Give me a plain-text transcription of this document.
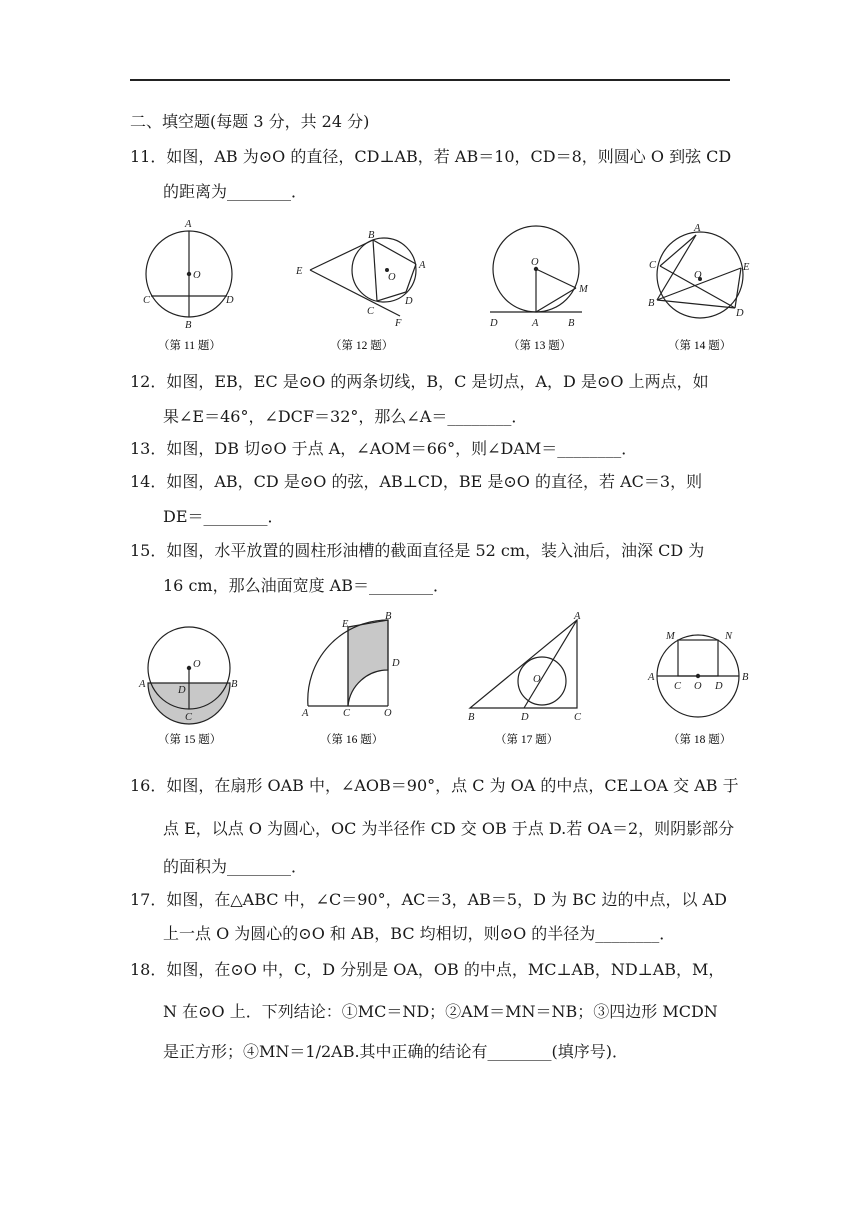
二、填空题(每题 3 分，共 24 分)
11．如图，AB 为⊙O 的直径，CD⊥AB，若 AB＝10，CD＝8，则圆心 O 到弦 CD
的距离为________．
A
O
C	D
B
（第 11 题）
B
E
O
A
C
D
F
（第 12 题）
O
M
D	A	B
（第 13 题）
A
C
O
E
B
D
（第 14 题）
12．如图，EB，EC 是⊙O 的两条切线，B，C 是切点，A，D 是⊙O 上两点，如
果∠E＝46°，∠DCF＝32°，那么∠A＝________．
13．如图，DB 切⊙O 于点 A，∠AOM＝66°，则∠DAM＝________．
14．如图，AB，CD 是⊙O 的弦，AB⊥CD，BE 是⊙O 的直径，若 AC＝3，则
DE＝________．
15．如图，水平放置的圆柱形油槽的截面直径是 52 cm，装入油后，油深 CD 为
16 cm，那么油面宽度 AB＝________．
O
A
D
B
C
（第 15 题）
E
B
D
A	C	O
（第 16 题）
A
O
B	D	C
（第 17 题）
M	N
A
C O D
B
（第 18 题）
16．如图，在扇形 OAB 中，∠AOB＝90°，点 C 为 OA 的中点，CE⊥OA 交 AB 于
点 E，以点 O 为圆心，OC 为半径作 CD 交 OB 于点 D.若 OA＝2，则阴影部分
的面积为________．
17．如图，在△ABC 中，∠C＝90°，AC＝3，AB＝5，D 为 BC 边的中点，以 AD
上一点 O 为圆心的⊙O 和 AB，BC 均相切，则⊙O 的半径为________．
18．如图，在⊙O 中，C，D 分别是 OA，OB 的中点，MC⊥AB，ND⊥AB，M，
N 在⊙O 上．下列结论：①MC＝ND；②AM＝MN＝NB；③四边形 MCDN
是正方形；④MN＝1/2AB.其中正确的结论有________(填序号)．
